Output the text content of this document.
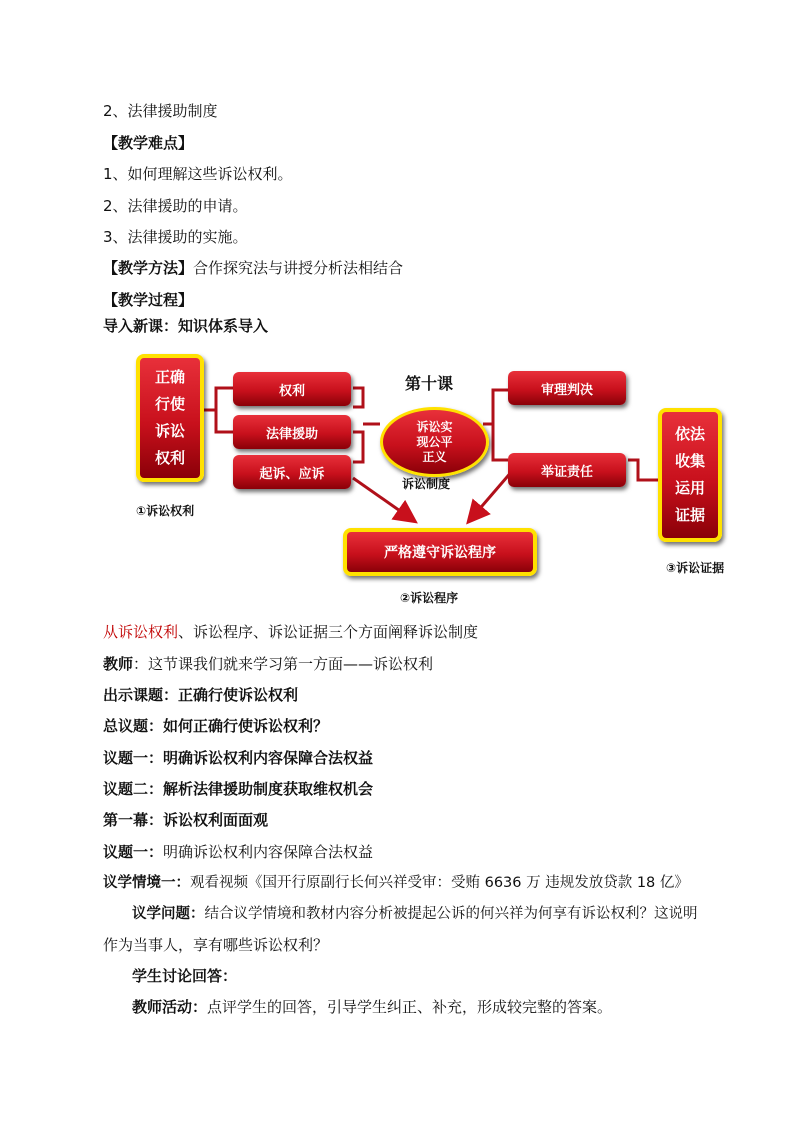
2、法律援助制度
【教学难点】
1、如何理解这些诉讼权利。
2、法律援助的申请。
3、法律援助的实施。
【教学方法】合作探究法与讲授分析法相结合
【教学过程】
导入新课：知识体系导入
正确
行使
诉讼
权利
①诉讼权利
权利
法律援助
起诉、应诉
第十课
诉讼实
现公平
正义
诉讼制度
审理判决
举证责任
依法
收集
运用
证据
③诉讼证据
严格遵守诉讼程序
②诉讼程序
从诉讼权利、诉讼程序、诉讼证据三个方面阐释诉讼制度
教师：这节课我们就来学习第一方面——诉讼权利
出示课题：正确行使诉讼权利
总议题：如何正确行使诉讼权利？
议题一：明确诉讼权利内容保障合法权益
议题二：解析法律援助制度获取维权机会
第一幕：诉讼权利面面观
议题一：明确诉讼权利内容保障合法权益
议学情境一：观看视频《国开行原副行长何兴祥受审：受贿 6636 万 违规发放贷款 18 亿》
议学问题：结合议学情境和教材内容分析被提起公诉的何兴祥为何享有诉讼权利？这说明
作为当事人，享有哪些诉讼权利？
学生讨论回答：
教师活动：点评学生的回答，引导学生纠正、补充，形成较完整的答案。
